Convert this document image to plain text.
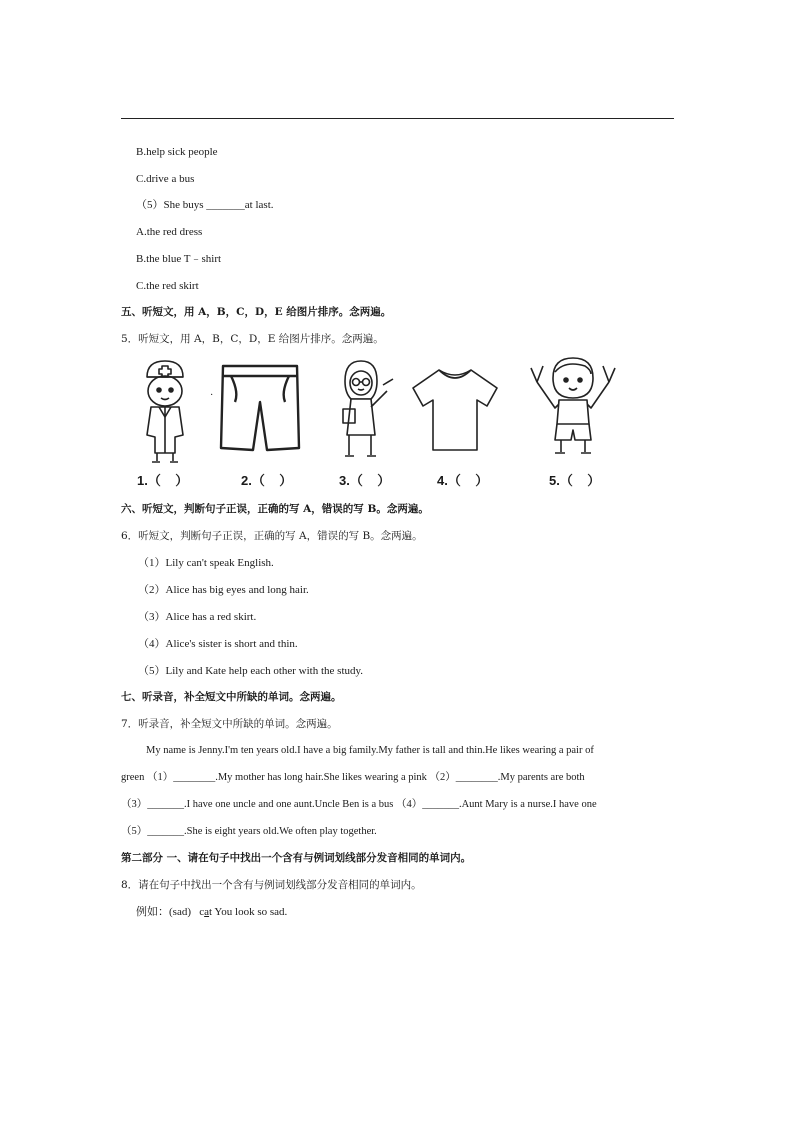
B.help sick people
C.drive a bus
（5）She buys _______at last.
A.the red dress
B.the blue T﹣shirt
C.the red skirt
五、听短文，用 A，B，C，D，E 给图片排序。念两遍。
5．听短文，用 A，B，C，D，E 给图片排序。念两遍。
·
1.（    ）	2.（    ）	3.（    ）	4.（    ）	5.（    ）
六、听短文，判断句子正误，正确的写 A，错误的写 B。念两遍。
6．听短文，判断句子正误，正确的写 A，错误的写 B。念两遍。
（1）Lily can't speak English.
（2）Alice has big eyes and long hair.
（3）Alice has a red skirt.
（4）Alice's sister is short and thin.
（5）Lily and Kate help each other with the study.
七、听录音，补全短文中所缺的单词。念两遍。
7．听录音，补全短文中所缺的单词。念两遍。
My name is Jenny.I'm ten years old.I have a big family.My father is tall and thin.He likes wearing a pair of
green （1）________.My mother has long hair.She likes wearing a pink （2）________.My parents are both
（3）_______.I have one uncle and one aunt.Uncle Ben is a bus （4）_______.Aunt Mary is a nurse.I have one
（5）_______.She is eight years old.We often play together.
第二部分 一、请在句子中找出一个含有与例词划线部分发音相同的单词内。
8．请在句子中找出一个含有与例词划线部分发音相同的单词内。
例如：(sad) cat You look so sad.
